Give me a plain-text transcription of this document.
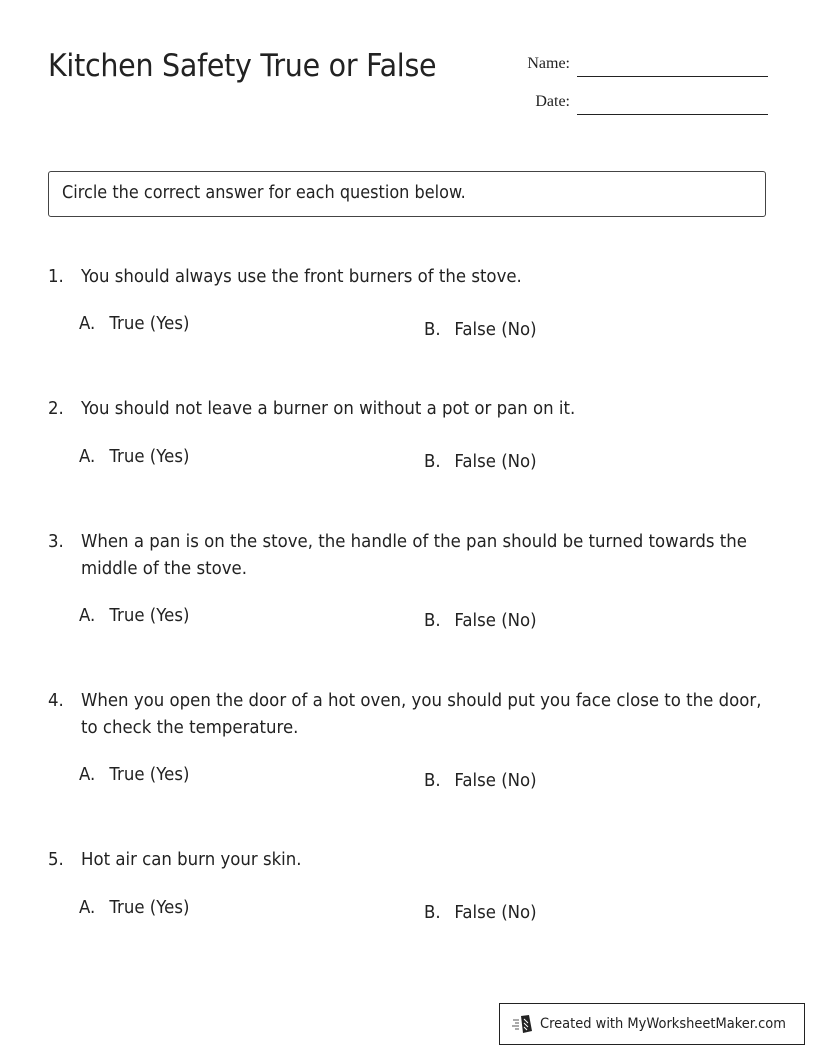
Kitchen Safety True or False	Name:
Date:
Circle the correct answer for each question below.
1. You should always use the front burners of the stove.
A. True (Yes)	B. False (No)
2. You should not leave a burner on without a pot or pan on it.
A. True (Yes)	B. False (No)
3. When a pan is on the stove, the handle of the pan should be turned towards the middle of the stove.
A. True (Yes)	B. False (No)
4. When you open the door of a hot oven, you should put you face close to the door, to check the temperature.
A. True (Yes)	B. False (No)
5. Hot air can burn your skin.
A. True (Yes)	B. False (No)
Created with MyWorksheetMaker.com
